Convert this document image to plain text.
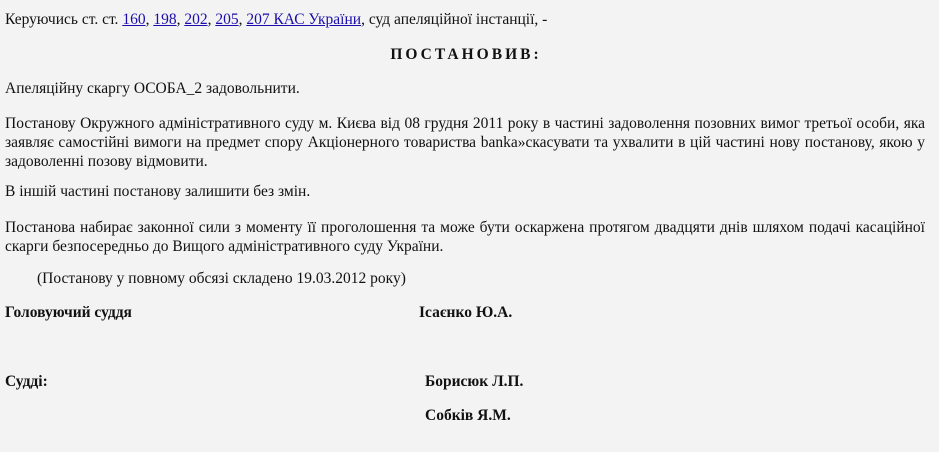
Керуючись ст. ст. 160, 198, 202, 205, 207 КАС України, суд апеляційної інстанції, -
ПОСТАНОВИВ:
Апеляційну скаргу ОСОБА_2 задовольнити.
Постанову Окружного адміністративного суду м. Києва від 08 грудня 2011 року в частині задоволення позовних вимог третьої особи, яка заявляє самостійні вимоги на предмет спору Акціонерного товариства banka»скасувати та ухвалити в цій частині нову постанову, якою у задоволенні позову відмовити.
В іншій частині постанову залишити без змін.
Постанова набирає законної сили з моменту її проголошення та може бути оскаржена протягом двадцяти днів шляхом подачі касаційної скарги безпосередньо до Вищого адміністративного суду України.
(Постанову у повному обсязі складено 19.03.2012 року)
Головуючий суддя	Ісаєнко Ю.А.
Судді:	Борисюк Л.П.
Собків Я.М.
